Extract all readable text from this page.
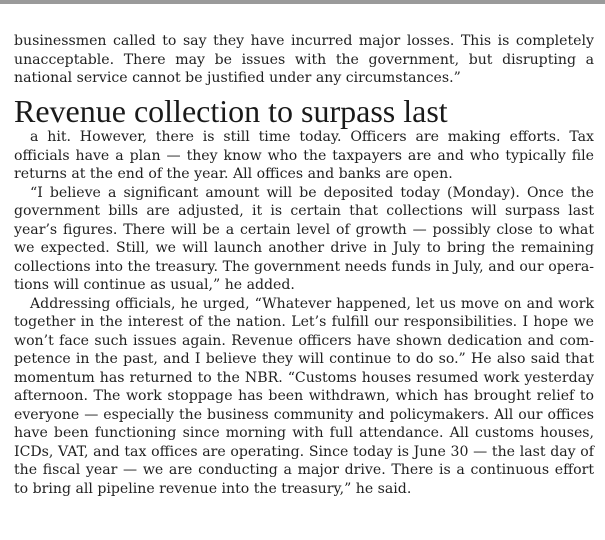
businessmen called to say they have incurred major losses. This is completely unacceptable. There may be issues with the government, but disrupting a national service cannot be justified under any circumstances.”

Revenue collection to surpass last

a hit. However, there is still time today. Officers are making efforts. Tax officials have a plan — they know who the taxpayers are and who typically file returns at the end of the year. All offices and banks are open.

“I believe a significant amount will be deposited today (Monday). Once the government bills are adjusted, it is certain that collections will surpass last year’s figures. There will be a certain level of growth — possibly close to what we expected. Still, we will launch another drive in July to bring the remaining collections into the treasury. The government needs funds in July, and our operations will continue as usual,” he added.

Addressing officials, he urged, “Whatever happened, let us move on and work together in the interest of the nation. Let’s fulfill our responsibilities. I hope we won’t face such issues again. Revenue officers have shown dedication and competence in the past, and I believe they will continue to do so.” He also said that momentum has returned to the NBR. “Customs houses resumed work yesterday afternoon. The work stoppage has been withdrawn, which has brought relief to everyone — especially the business community and policymakers. All our offices have been functioning since morning with full attendance. All customs houses, ICDs, VAT, and tax offices are operating. Since today is June 30 — the last day of the fiscal year — we are conducting a major drive. There is a continuous effort to bring all pipeline revenue into the treasury,” he said.
